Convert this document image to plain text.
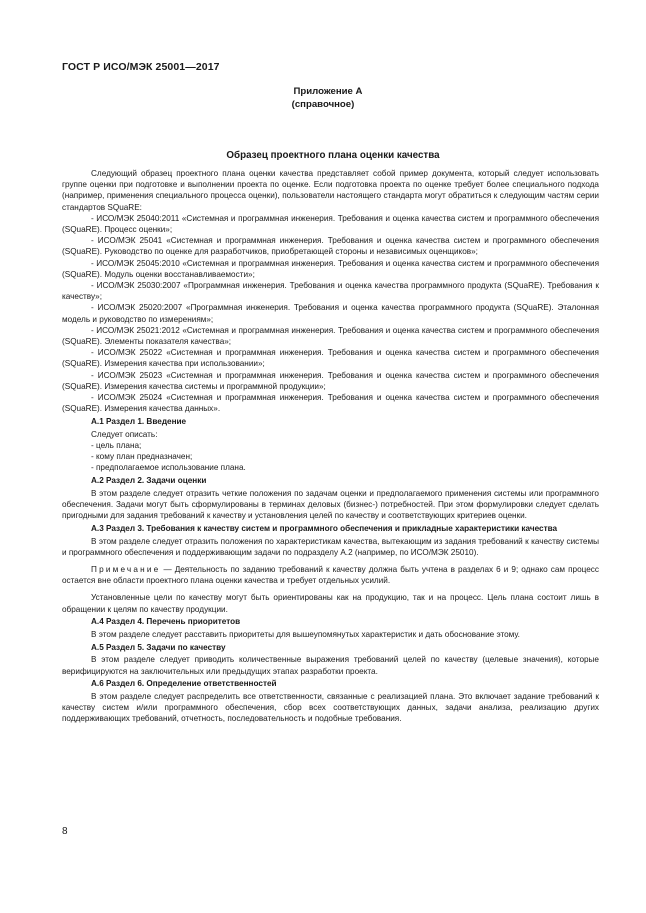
ГОСТ Р ИСО/МЭК 25001—2017
Приложение А
(справочное)
Образец проектного плана оценки качества

Следующий образец проектного плана оценки качества представляет собой пример документа, который следует использовать группе оценки при подготовке и выполнении проекта по оценке. Если подготовка проекта по оценке требует более специального подхода (например, применения специального процесса оценки), пользователи настоящего стандарта могут обратиться к следующим частям серии стандартов SQuaRE:

- ИСО/МЭК 25040:2011 «Системная и программная инженерия. Требования и оценка качества систем и программного обеспечения (SQuaRE). Процесс оценки»;

- ИСО/МЭК 25041 «Системная и программная инженерия. Требования и оценка качества систем и программного обеспечения (SQuaRE). Руководство по оценке для разработчиков, приобретающей стороны и независимых оценщиков»;

- ИСО/МЭК 25045:2010 «Системная и программная инженерия. Требования и оценка качества систем и программного обеспечения (SQuaRE). Модуль оценки восстанавливаемости»;

- ИСО/МЭК 25030:2007 «Программная инженерия. Требования и оценка качества программного продукта (SQuaRE). Требования к качеству»;

- ИСО/МЭК 25020:2007 «Программная инженерия. Требования и оценка качества программного продукта (SQuaRE). Эталонная модель и руководство по измерениям»;

- ИСО/МЭК 25021:2012 «Системная и программная инженерия. Требования и оценка качества систем и программного обеспечения (SQuaRE). Элементы показателя качества»;

- ИСО/МЭК 25022 «Системная и программная инженерия. Требования и оценка качества систем и программного обеспечения (SQuaRE). Измерения качества при использовании»;

- ИСО/МЭК 25023 «Системная и программная инженерия. Требования и оценка качества систем и программного обеспечения (SQuaRE). Измерения качества системы и программной продукции»;

- ИСО/МЭК 25024 «Системная и программная инженерия. Требования и оценка качества систем и программного обеспечения (SQuaRE). Измерения качества данных».

А.1 Раздел 1. Введение
Следует описать:
- цель плана;
- кому план предназначен;
- предполагаемое использование плана.
А.2 Раздел 2. Задачи оценки

В этом разделе следует отразить четкие положения по задачам оценки и предполагаемого применения системы или программного обеспечения. Задачи могут быть сформулированы в терминах деловых (бизнес-) потребностей. При этом формулировки следует сделать пригодными для задания требований к качеству и установления целей по качеству и соответствующих критериев оценки.

А.3 Раздел 3. Требования к качеству систем и программного обеспечения и прикладные характеристики качества

В этом разделе следует отразить положения по характеристикам качества, вытекающим из задания требований к качеству системы и программного обеспечения и поддерживающим задачи по подразделу А.2 (например, по ИСО/МЭК 25010).

Примечание — Деятельность по заданию требований к качеству должна быть учтена в разделах 6 и 9; однако сам процесс остается вне области проектного плана оценки качества и требует отдельных усилий.

Установленные цели по качеству могут быть ориентированы как на продукцию, так и на процесс. Цель плана состоит лишь в обращении к целям по качеству продукции.

А.4 Раздел 4. Перечень приоритетов

В этом разделе следует расставить приоритеты для вышеупомянутых характеристик и дать обоснование этому.

А.5 Раздел 5. Задачи по качеству

В этом разделе следует приводить количественные выражения требований целей по качеству (целевые значения), которые верифицируются на заключительных или предыдущих этапах разработки проекта.

А.6 Раздел 6. Определение ответственностей

В этом разделе следует распределить все ответственности, связанные с реализацией плана. Это включает задание требований к качеству систем и/или программного обеспечения, сбор всех соответствующих данных, задачи анализа, реализацию других поддерживающих требований, отчетность, последовательность и подобные требования.

8
